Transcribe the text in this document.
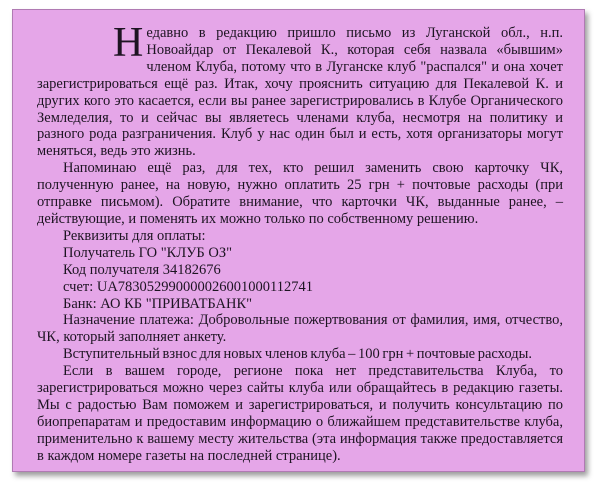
Н едавно в редакцию пришло письмо из Луганской обл., н.п. Новоайдар от Пекалевой К., которая себя назвала «бывшим» членом Клуба, потому что в Луганске клуб "распался" и она хочет зарегистрироваться ещё раз. Итак, хочу прояснить ситуацию для Пекалевой К. и других кого это касается, если вы ранее зарегистрировались в Клубе Органического Земледелия, то и сейчас вы являетесь членами клуба, несмотря на политику и разного рода разграничения. Клуб у нас один был и есть, хотя организаторы могут меняться, ведь это жизнь.

Напоминаю ещё раз, для тех, кто решил заменить свою карточку ЧК, полученную ранее, на новую, нужно оплатить 25 грн + почтовые расходы (при отправке письмом). Обратите внимание, что карточки ЧК, выданные ранее, – действующие, и поменять их можно только по собственному решению.

Реквизиты для оплаты:

Получатель ГО "КЛУБ ОЗ"

Код получателя 34182676

счет: UA783052990000026001000112741

Банк: АО КБ "ПРИВАТБАНК"

Назначение платежа: Добровольные пожертвования от фамилия, имя, отчество, ЧК, который заполняет анкету.

Вступительный взнос для новых членов клуба – 100 грн + почтовые расходы.

Если в вашем городе, регионе пока нет представительства Клуба, то зарегистрироваться можно через сайты клуба или обращайтесь в редакцию газеты. Мы с радостью Вам поможем и зарегистрироваться, и получить консультацию по биопрепаратам и предоставим информацию о ближайшем представительстве клуба, применительно к вашему месту жительства (эта информация также предоставляется в каждом номере газеты на последней странице).
